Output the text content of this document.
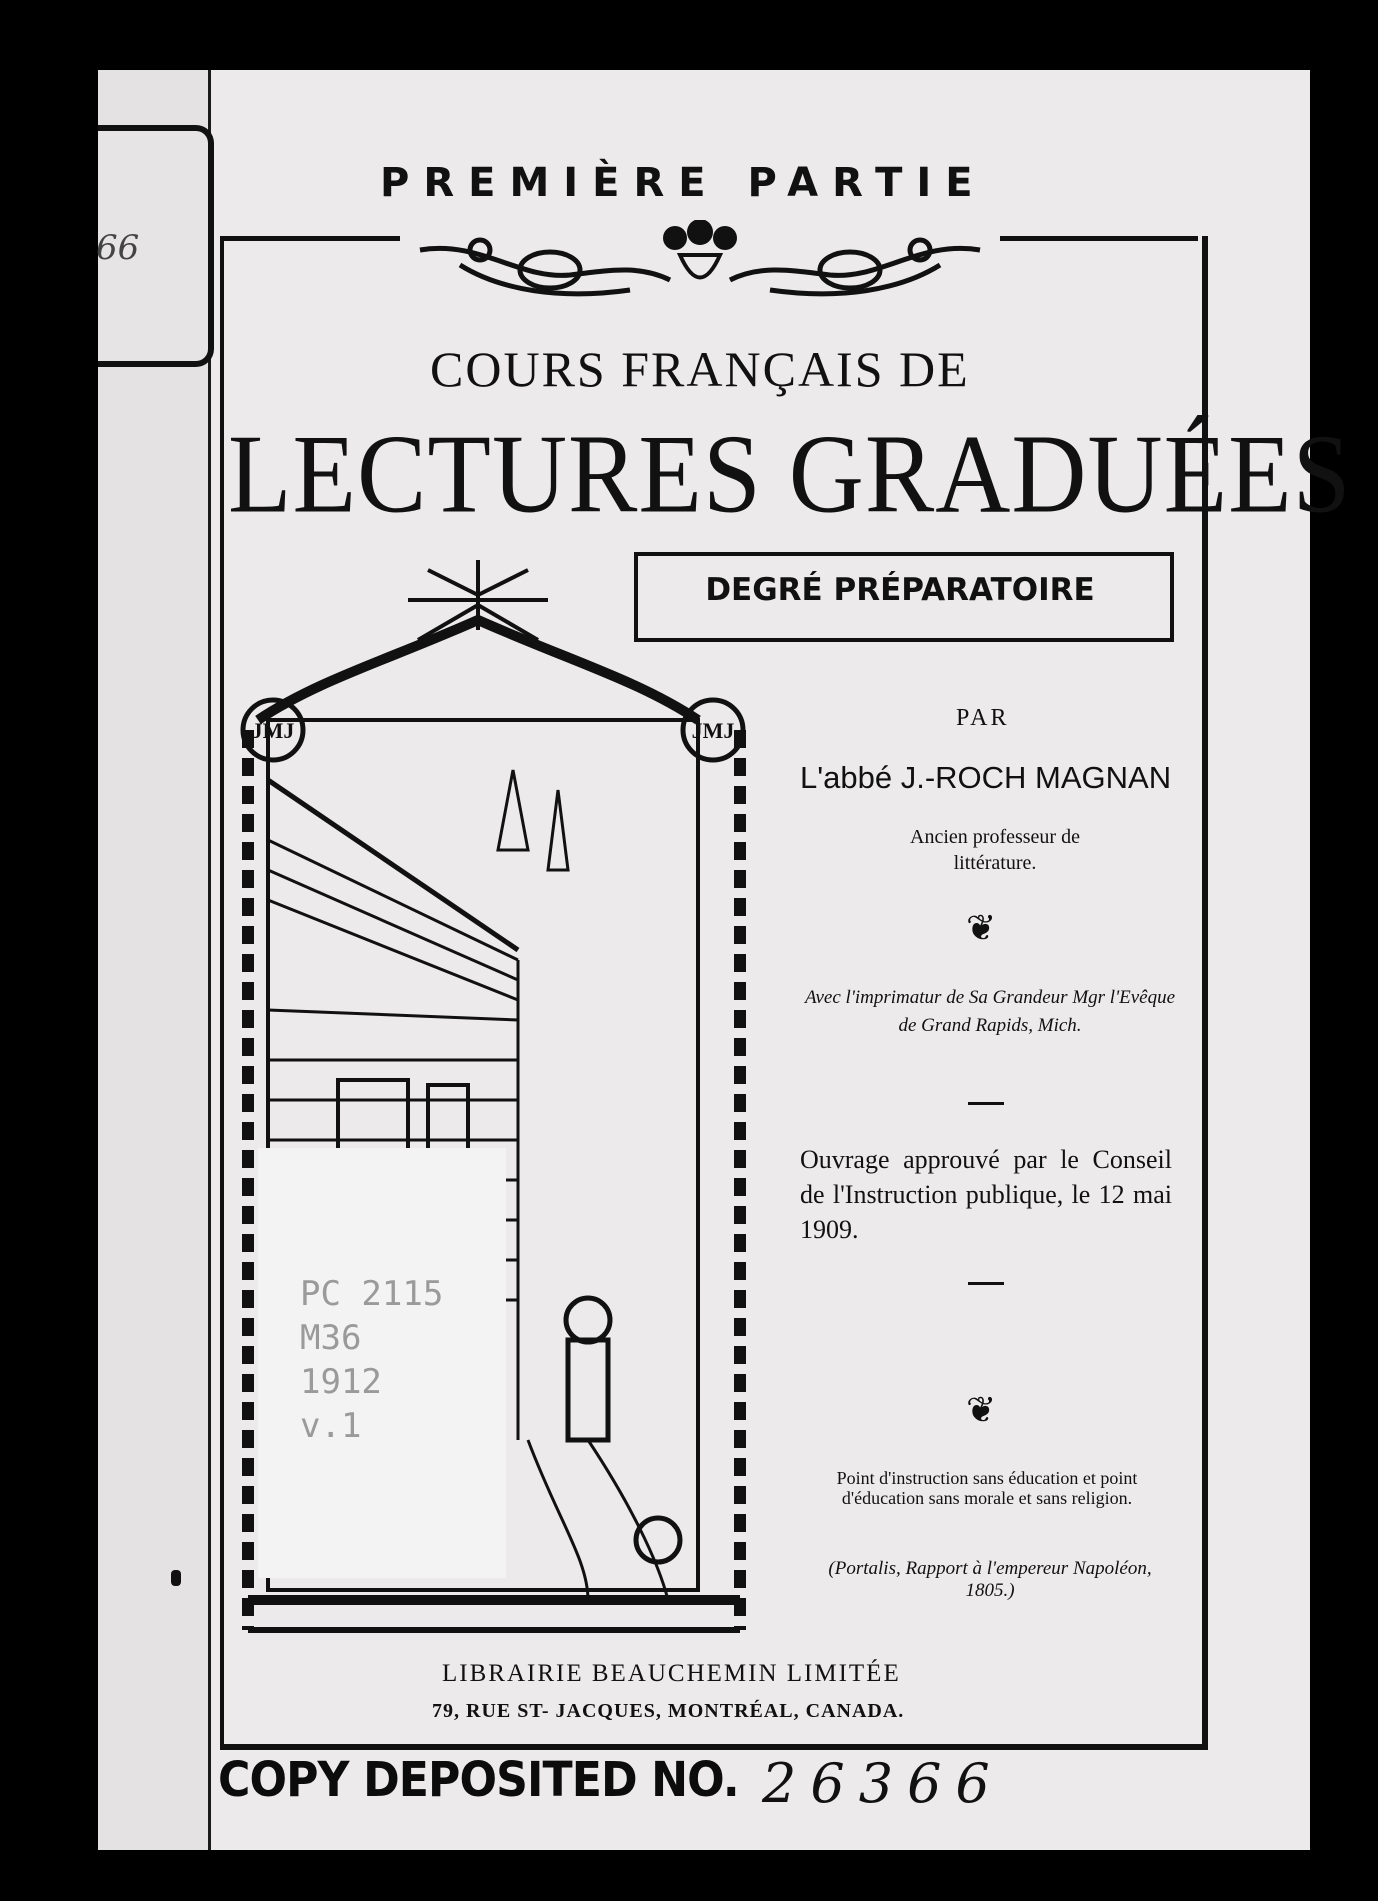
66
PREMIÈRE PARTIE
COURS FRANÇAIS DE
LECTURES GRADUÉES
DEGRÉ PRÉPARATOIRE
JMJ	JMJ
PC 2115
M36
1912
v.1
PAR
L'abbé J.-ROCH MAGNAN
Ancien professeur de littérature.
❦
Avec l'imprimatur de Sa Grandeur Mgr l'Evêque de Grand Rapids, Mich.
Ouvrage approuvé par le Conseil de l'Instruction publique, le 12 mai 1909.
❦
Point d'instruction sans éducation et point d'éducation sans morale et sans religion.
(Portalis, Rapport à l'empereur Napoléon, 1805.)
LIBRAIRIE BEAUCHEMIN LIMITÉE
79, RUE ST- JACQUES, MONTRÉAL, CANADA.
COPY DEPOSITED NO. 26366
